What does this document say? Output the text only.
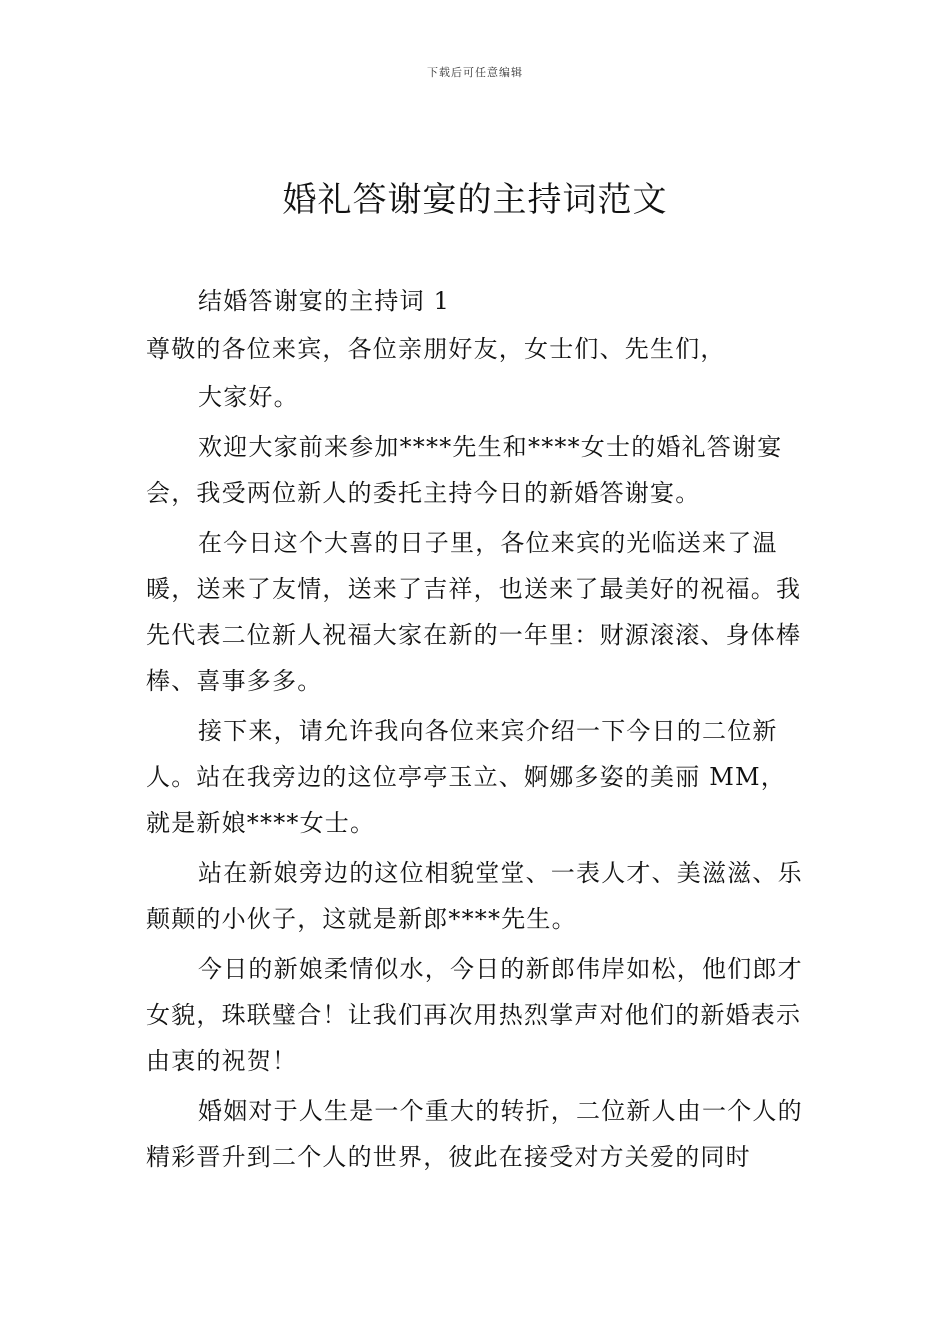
下载后可任意编辑
婚礼答谢宴的主持词范文

结婚答谢宴的主持词 1

尊敬的各位来宾，各位亲朋好友，女士们、先生们，

大家好。

欢迎大家前来参加****先生和****女士的婚礼答谢宴会，我受两位新人的委托主持今日的新婚答谢宴。

在今日这个大喜的日子里，各位来宾的光临送来了温暖，送来了友情，送来了吉祥，也送来了最美好的祝福。我先代表二位新人祝福大家在新的一年里：财源滚滚、身体棒棒、喜事多多。

接下来，请允许我向各位来宾介绍一下今日的二位新人。站在我旁边的这位亭亭玉立、婀娜多姿的美丽 MM，就是新娘****女士。

站在新娘旁边的这位相貌堂堂、一表人才、美滋滋、乐颠颠的小伙子，这就是新郎****先生。

今日的新娘柔情似水，今日的新郎伟岸如松，他们郎才女貌，珠联璧合！让我们再次用热烈掌声对他们的新婚表示由衷的祝贺！

婚姻对于人生是一个重大的转折，二位新人由一个人的精彩晋升到二个人的世界，彼此在接受对方关爱的同时
